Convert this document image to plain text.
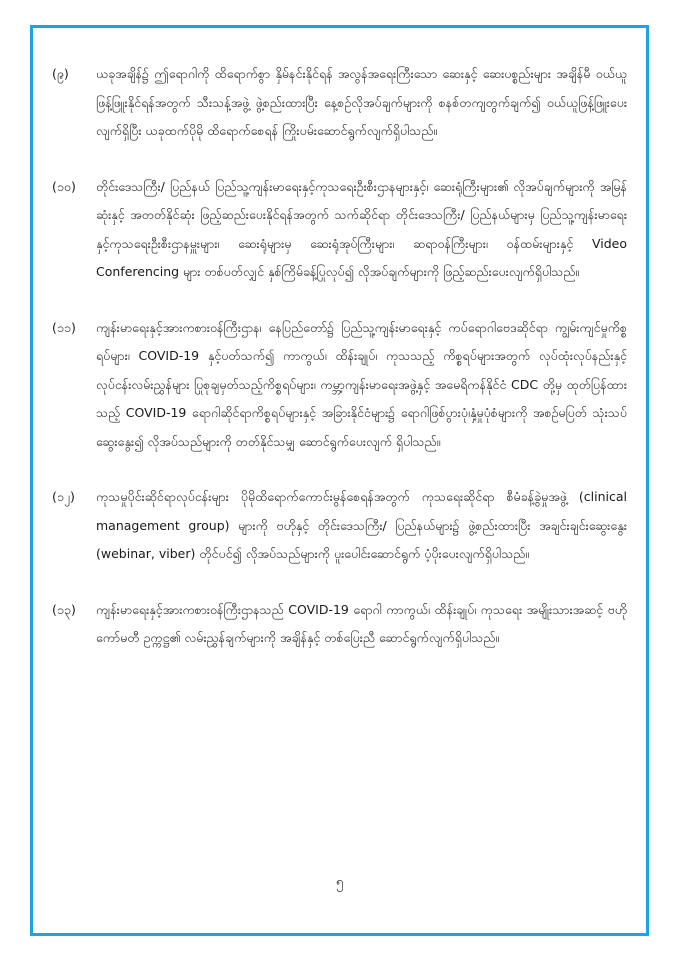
(၉)	ယခုအချိန်၌ ဤရောဂါကို ထိရောက်စွာ နှိမ်နင်းနိုင်ရန် အလွန်အရေးကြီးသော ဆေးနှင့် ဆေးပစ္စည်းများ အချိန်မီ ဝယ်ယူဖြန့်ဖြူးနိုင်ရန်အတွက် သီးသန့်အဖွဲ့ ဖွဲ့စည်းထားပြီး နေ့စဉ်လိုအပ်ချက်များကို စနစ်တကျတွက်ချက်၍ ဝယ်ယူဖြန့်ဖြူးပေးလျက်ရှိပြီး ယခုထက်ပိုမို ထိရောက်စေရန် ကြိုးပမ်းဆောင်ရွက်လျက်ရှိပါသည်။
(၁၀)	တိုင်းဒေသကြီး/ ပြည်နယ် ပြည်သူ့ကျန်းမာရေးနှင့်ကုသရေးဦးစီးဌာနများနှင့်၊ ဆေးရုံကြီးများ၏ လိုအပ်ချက်များကို အမြန်ဆုံးနှင့် အတတ်နိုင်ဆုံး ဖြည့်ဆည်းပေးနိုင်ရန်အတွက် သက်ဆိုင်ရာ တိုင်းဒေသကြီး/ ပြည်နယ်များမှ ပြည်သူ့ကျန်းမာရေးနှင့်ကုသရေးဦးစီးဌာနမှူးများ၊ ဆေးရုံများမှ ဆေးရုံအုပ်ကြီးများ၊ ဆရာဝန်ကြီးများ၊ ဝန်ထမ်းများနှင့် Video Conferencing များ တစ်ပတ်လျှင် နှစ်ကြိမ်ခန့်ပြုလုပ်၍ လိုအပ်ချက်များကို ဖြည့်ဆည်းပေးလျက်ရှိပါသည်။
(၁၁)	ကျန်းမာရေးနှင့်အားကစားဝန်ကြီးဌာန၊ နေပြည်တော်၌ ပြည်သူ့ကျန်းမာရေးနှင့် ကပ်ရောဂါဗေဒဆိုင်ရာ ကျွမ်းကျင်မှုကိစ္စရပ်များ၊ COVID-19 နှင့်ပတ်သက်၍ ကာကွယ်၊ ထိန်းချုပ်၊ ကုသသည့် ကိစ္စရပ်များအတွက် လုပ်ထုံးလုပ်နည်းနှင့် လုပ်ငန်းလမ်းညွှန်များ ပြုစုချမှတ်သည့်ကိစ္စရပ်များ၊ ကမ္ဘာ့ကျန်းမာရေးအဖွဲ့နှင့် အမေရိကန်နိုင်ငံ CDC တို့မှ ထုတ်ပြန်ထားသည့် COVID-19 ရောဂါဆိုင်ရာကိစ္စရပ်များနှင့် အခြားနိုင်ငံများ၌ ရောဂါဖြစ်ပွားပုံ၊နှံ့မှုပုံစံများကို အစဉ်မပြတ် သုံးသပ်ဆွေးနွေး၍ လိုအပ်သည်များကို တတ်နိုင်သမျှ ဆောင်ရွက်ပေးလျက် ရှိပါသည်။
(၁၂)	ကုသမှုပိုင်းဆိုင်ရာလုပ်ငန်းများ ပိုမိုထိရောက်ကောင်းမွန်စေရန်အတွက် ကုသရေးဆိုင်ရာ စီမံခန့်ခွဲမှုအဖွဲ့ (clinical management group) များကို ဗဟိုနှင့် တိုင်းဒေသကြီး/ ပြည်နယ်များ၌ ဖွဲ့စည်းထားပြီး အချင်းချင်းဆွေးနွေး (webinar, viber) တိုင်ပင်၍ လိုအပ်သည်များကို ပူးပေါင်းဆောင်ရွက် ပံ့ပိုးပေးလျက်ရှိပါသည်။
(၁၃)	ကျန်းမာရေးနှင့်အားကစားဝန်ကြီးဌာနသည် COVID-19 ရောဂါ ကာကွယ်၊ ထိန်းချုပ်၊ ကုသရေး အမျိုးသားအဆင့် ဗဟိုကော်မတီ ဥက္ကဋ္ဌ၏ လမ်းညွှန်ချက်များကို အချိန်နှင့် တစ်ပြေးညီ ဆောင်ရွက်လျက်ရှိပါသည်။
၅
